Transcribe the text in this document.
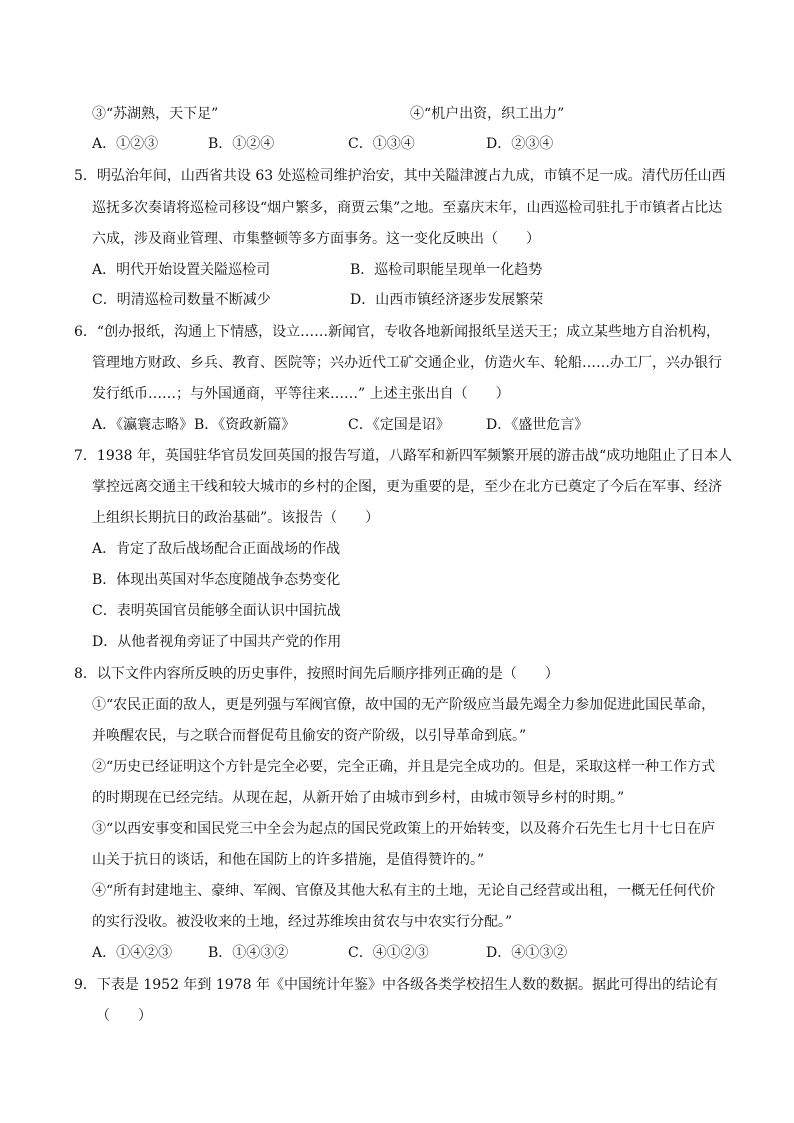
③“苏湖熟，天下足”	④“机户出资，织工出力”
A．①②③	B．①②④	C．①③④	D．②③④
5．明弘治年间，山西省共设 63 处巡检司维护治安，其中关隘津渡占九成，市镇不足一成。清代历任山西
巡抚多次奏请将巡检司移设“烟户繁多，商贾云集”之地。至嘉庆末年，山西巡检司驻扎于市镇者占比达
六成，涉及商业管理、市集整顿等多方面事务。这一变化反映出（　　）
A．明代开始设置关隘巡检司	B．巡检司职能呈现单一化趋势
C．明清巡检司数量不断减少	D．山西市镇经济逐步发展繁荣
6．“创办报纸，沟通上下情感，设立……新闻官，专收各地新闻报纸呈送天王；成立某些地方自治机构，
管理地方财政、乡兵、教育、医院等；兴办近代工矿交通企业，仿造火车、轮船……办工厂，兴办银行
发行纸币……；与外国通商，平等往来……” 上述主张出自（　　）
A．《瀛寰志略》 B．《资政新篇》	C．《定国是诏》	D．《盛世危言》
7．1938 年，英国驻华官员发回英国的报告写道，八路军和新四军频繁开展的游击战“成功地阻止了日本人
掌控远离交通主干线和较大城市的乡村的企图，更为重要的是，至少在北方已奠定了今后在军事、经济
上组织长期抗日的政治基础”。该报告（　　）
A．肯定了敌后战场配合正面战场的作战
B．体现出英国对华态度随战争态势变化
C．表明英国官员能够全面认识中国抗战
D．从他者视角旁证了中国共产党的作用
8．以下文件内容所反映的历史事件，按照时间先后顺序排列正确的是（　　）
①“农民正面的敌人，更是列强与军阀官僚，故中国的无产阶级应当最先竭全力参加促进此国民革命，
并唤醒农民，与之联合而督促苟且偷安的资产阶级，以引导革命到底。”
②“历史已经证明这个方针是完全必要，完全正确，并且是完全成功的。但是，采取这样一种工作方式
的时期现在已经完结。从现在起，从新开始了由城市到乡村，由城市领导乡村的时期。”
③“以西安事变和国民党三中全会为起点的国民党政策上的开始转变，以及蒋介石先生七月十七日在庐
山关于抗日的谈话，和他在国防上的许多措施，是值得赞许的。”
④“所有封建地主、豪绅、军阀、官僚及其他大私有主的土地，无论自己经营或出租，一概无任何代价
的实行没收。被没收来的土地，经过苏维埃由贫农与中农实行分配。”
A．①④②③	B．①④③②	C．④①②③	D．④①③②
9．下表是 1952 年到 1978 年《中国统计年鉴》中各级各类学校招生人数的数据。据此可得出的结论有
（　　）
